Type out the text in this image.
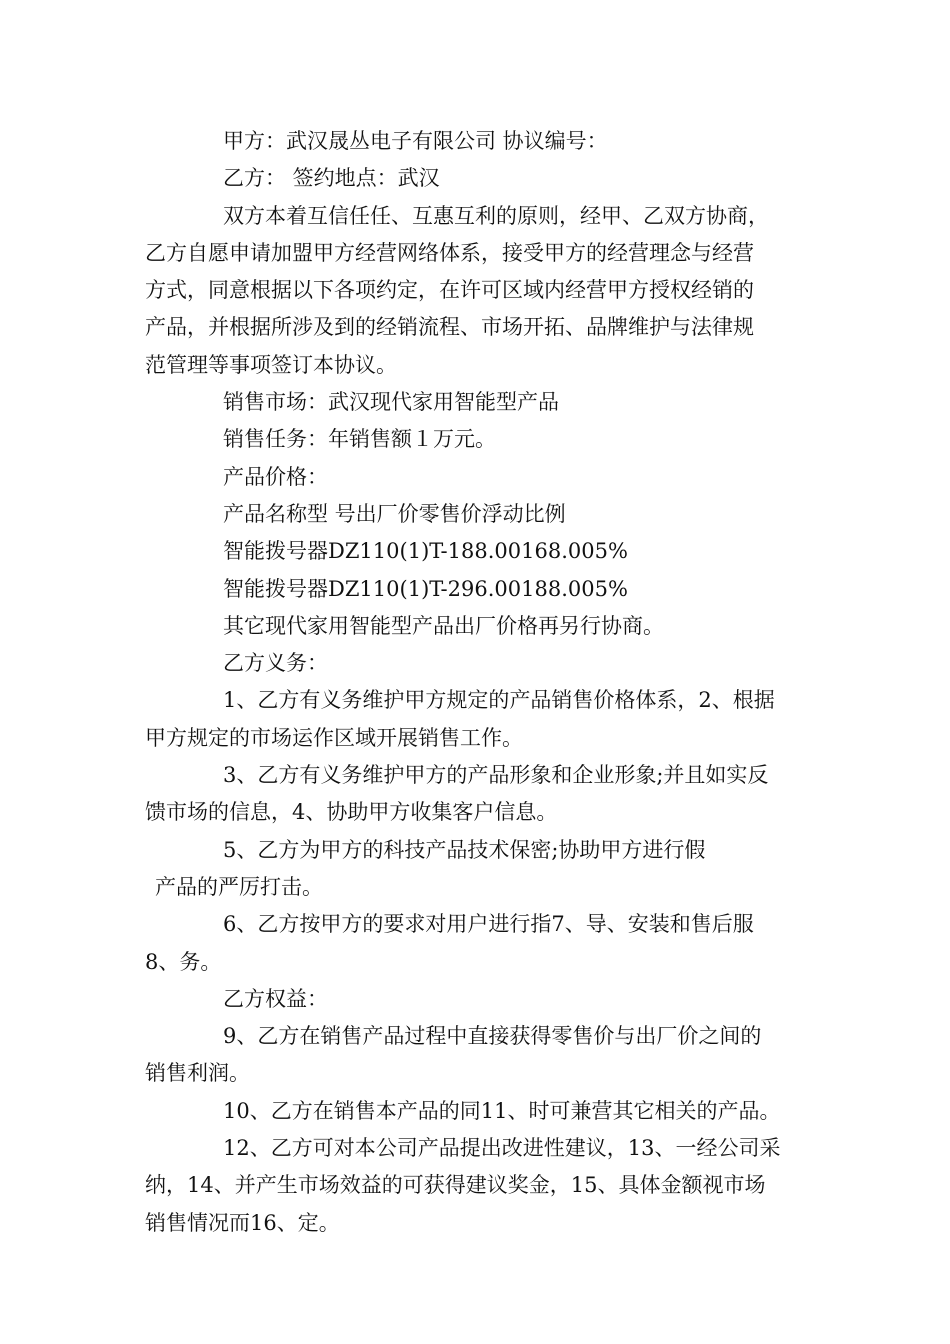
甲方：武汉晟丛电子有限公司 协议编号：
乙方： 签约地点：武汉
双方本着互信任任、互惠互利的原则，经甲、乙双方协商，
乙方自愿申请加盟甲方经营网络体系，接受甲方的经营理念与经营
方式，同意根据以下各项约定，在许可区域内经营甲方授权经销的
产品，并根据所涉及到的经销流程、市场开拓、品牌维护与法律规
范管理等事项签订本协议。
销售市场：武汉现代家用智能型产品
销售任务：年销售额１万元。
产品价格：
产品名称型 号出厂价零售价浮动比例
智能拨号器DZ110(1)T-188.00168.005%
智能拨号器DZ110(1)T-296.00188.005%
其它现代家用智能型产品出厂价格再另行协商。
乙方义务：
1、乙方有义务维护甲方规定的产品销售价格体系，2、根据
甲方规定的市场运作区域开展销售工作。
3、乙方有义务维护甲方的产品形象和企业形象;并且如实反
馈市场的信息，4、协助甲方收集客户信息。
5、乙方为甲方的科技产品技术保密;协助甲方进行假
产品的严厉打击。
6、乙方按甲方的要求对用户进行指7、导、安装和售后服
8、务。
乙方权益：
9、乙方在销售产品过程中直接获得零售价与出厂价之间的
销售利润。
10、乙方在销售本产品的同11、时可兼营其它相关的产品。
12、乙方可对本公司产品提出改进性建议，13、一经公司采
纳，14、并产生市场效益的可获得建议奖金，15、具体金额视市场
销售情况而16、定。
